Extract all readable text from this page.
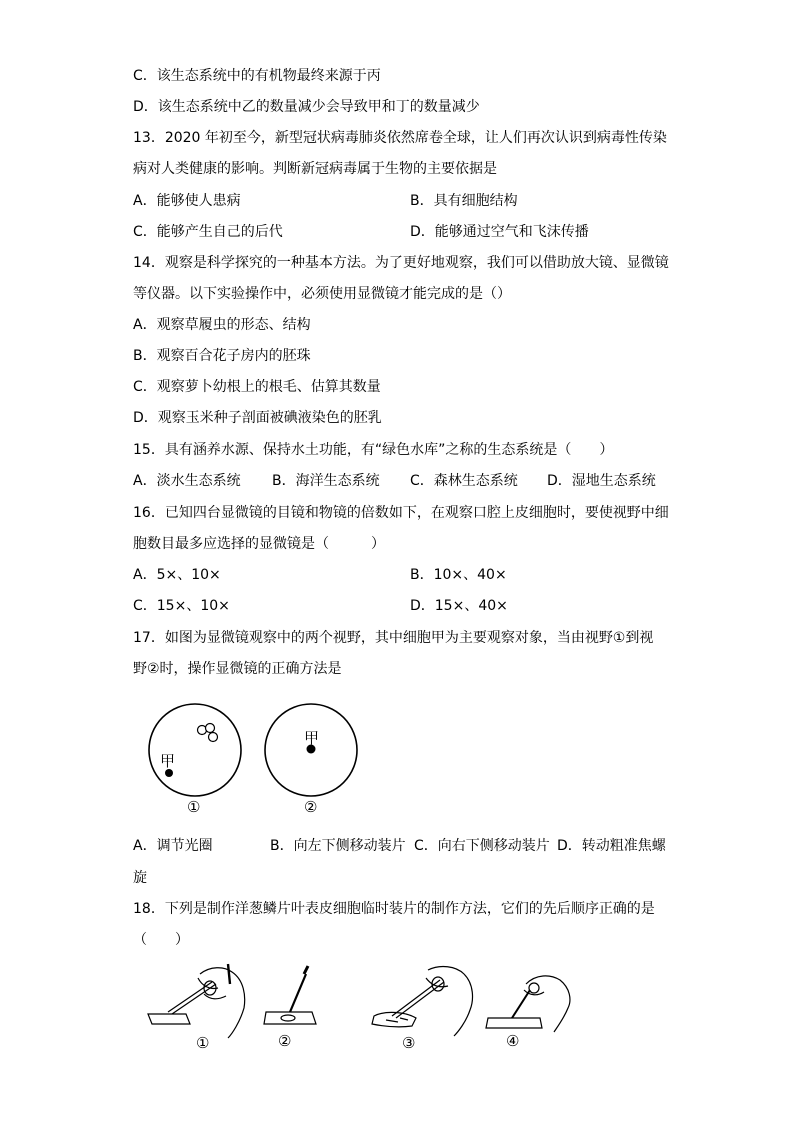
C．该生态系统中的有机物最终来源于丙
D．该生态系统中乙的数量减少会导致甲和丁的数量减少
13．2020 年初至今，新型冠状病毒肺炎依然席卷全球，让人们再次认识到病毒性传染
病对人类健康的影响。判断新冠病毒属于生物的主要依据是
A．能够使人患病	B．具有细胞结构
C．能够产生自己的后代	D．能够通过空气和飞沫传播
14．观察是科学探究的一种基本方法。为了更好地观察，我们可以借助放大镜、显微镜
等仪器。以下实验操作中，必须使用显微镜才能完成的是（）
A．观察草履虫的形态、结构
B．观察百合花子房内的胚珠
C．观察萝卜幼根上的根毛、估算其数量
D．观察玉米种子剖面被碘液染色的胚乳
15．具有涵养水源、保持水土功能，有“绿色水库”之称的生态系统是（　　）
A．淡水生态系统 B．海洋生态系统 C．森林生态系统 D．湿地生态系统
16．已知四台显微镜的目镜和物镜的倍数如下，在观察口腔上皮细胞时，要使视野中细
胞数目最多应选择的显微镜是（　　　）
A．5×、10×	B．10×、40×
C．15×、10×	D．15×、40×
17．如图为显微镜观察中的两个视野，其中细胞甲为主要观察对象，当由视野①到视
野②时，操作显微镜的正确方法是
甲
甲
①	②
A．调节光圈	B．向左下侧移动装片 C．向右下侧移动装片 D．转动粗准焦螺
旋
18．下列是制作洋葱鳞片叶表皮细胞临时装片的制作方法，它们的先后顺序正确的是
（　　）
①	②	③	④
